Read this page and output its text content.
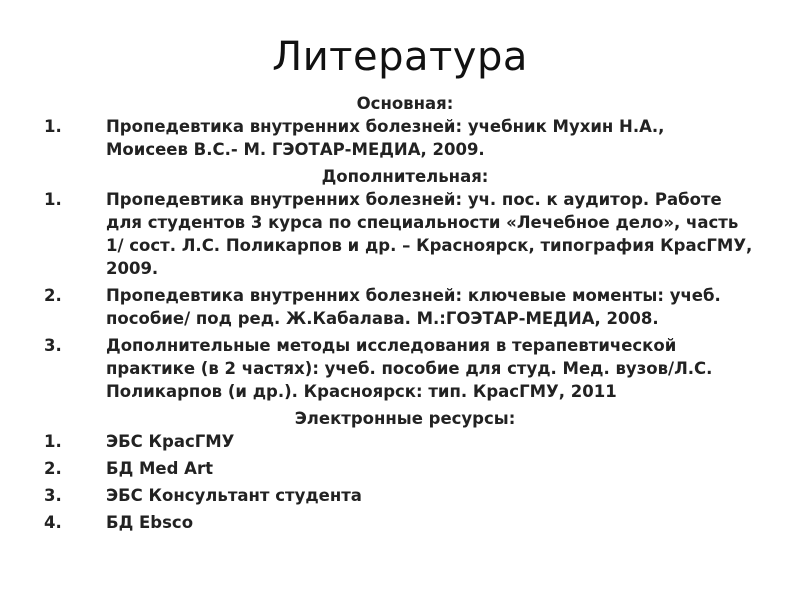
Литература
Основная:
1.	Пропедевтика внутренних болезней: учебник Мухин Н.А.,
Моисеев В.С.- М. ГЭОТАР-МЕДИА, 2009.
Дополнительная:
1.	Пропедевтика внутренних болезней: уч. пос. к аудитор. Работе
для студентов 3 курса по специальности «Лечебное дело», часть
1/ сост. Л.С. Поликарпов и др. – Красноярск, типография КрасГМУ,
2009.
2.	Пропедевтика внутренних болезней: ключевые моменты: учеб.
пособие/ под ред. Ж.Кабалава. М.:ГОЭТАР-МЕДИА, 2008.
3.	Дополнительные методы исследования в терапевтической
практике (в 2 частях): учеб. пособие для студ. Мед. вузов/Л.С.
Поликарпов (и др.). Красноярск: тип. КрасГМУ, 2011
Электронные ресурсы:
1.	ЭБС КрасГМУ
2.	БД Med Art
3.	ЭБС Консультант студента
4.	БД Ebsco
